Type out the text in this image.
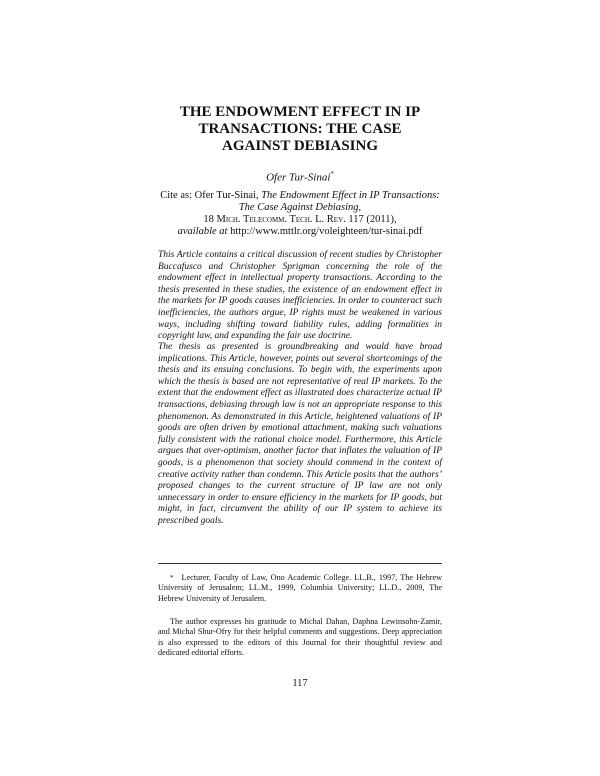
THE ENDOWMENT EFFECT IN IP
TRANSACTIONS: THE CASE
AGAINST DEBIASING
Ofer Tur-Sinai*
Cite as: Ofer Tur-Sinai, The Endowment Effect in IP Transactions:
The Case Against Debiasing,
18 Mich. Telecomm. Tech. L. Rev. 117 (2011),
available at http://www.mttlr.org/voleighteen/tur-sinai.pdf

This Article contains a critical discussion of recent studies by Christopher Buccafusco and Christopher Sprigman concerning the role of the endowment effect in intellectual property transactions. According to the thesis presented in these studies, the existence of an endowment effect in the markets for IP goods causes inefficiencies. In order to counteract such inefficiencies, the authors argue, IP rights must be weakened in various ways, including shifting toward liability rules, adding formalities in copyright law, and expanding the fair use doctrine.

The thesis as presented is groundbreaking and would have broad implications. This Article, however, points out several shortcomings of the thesis and its ensuing conclusions. To begin with, the experiments upon which the thesis is based are not representative of real IP markets. To the extent that the endowment effect as illustrated does characterize actual IP transactions, debiasing through law is not an appropriate response to this phenomenon. As demonstrated in this Article, heightened valuations of IP goods are often driven by emotional attachment, making such valuations fully consistent with the rational choice model. Furthermore, this Article argues that over-optimism, another factor that inflates the valuation of IP goods, is a phenomenon that society should commend in the context of creative activity rather than condemn. This Article posits that the authors’ proposed changes to the current structure of IP law are not only unnecessary in order to ensure efficiency in the markets for IP goods, but might, in fact, circumvent the ability of our IP system to achieve its prescribed goals.

* Lecturer, Faculty of Law, Ono Academic College. LL.B., 1997, The Hebrew University of Jerusalem; LL.M., 1999, Columbia University; LL.D., 2009, The Hebrew University of Jerusalem.

The author expresses his gratitude to Michal Dahan, Daphna Lewinsohn-Zamir, and Michal Shur-Ofry for their helpful comments and suggestions. Deep appreciation is also expressed to the editors of this Journal for their thoughtful review and dedicated editorial efforts.

117
